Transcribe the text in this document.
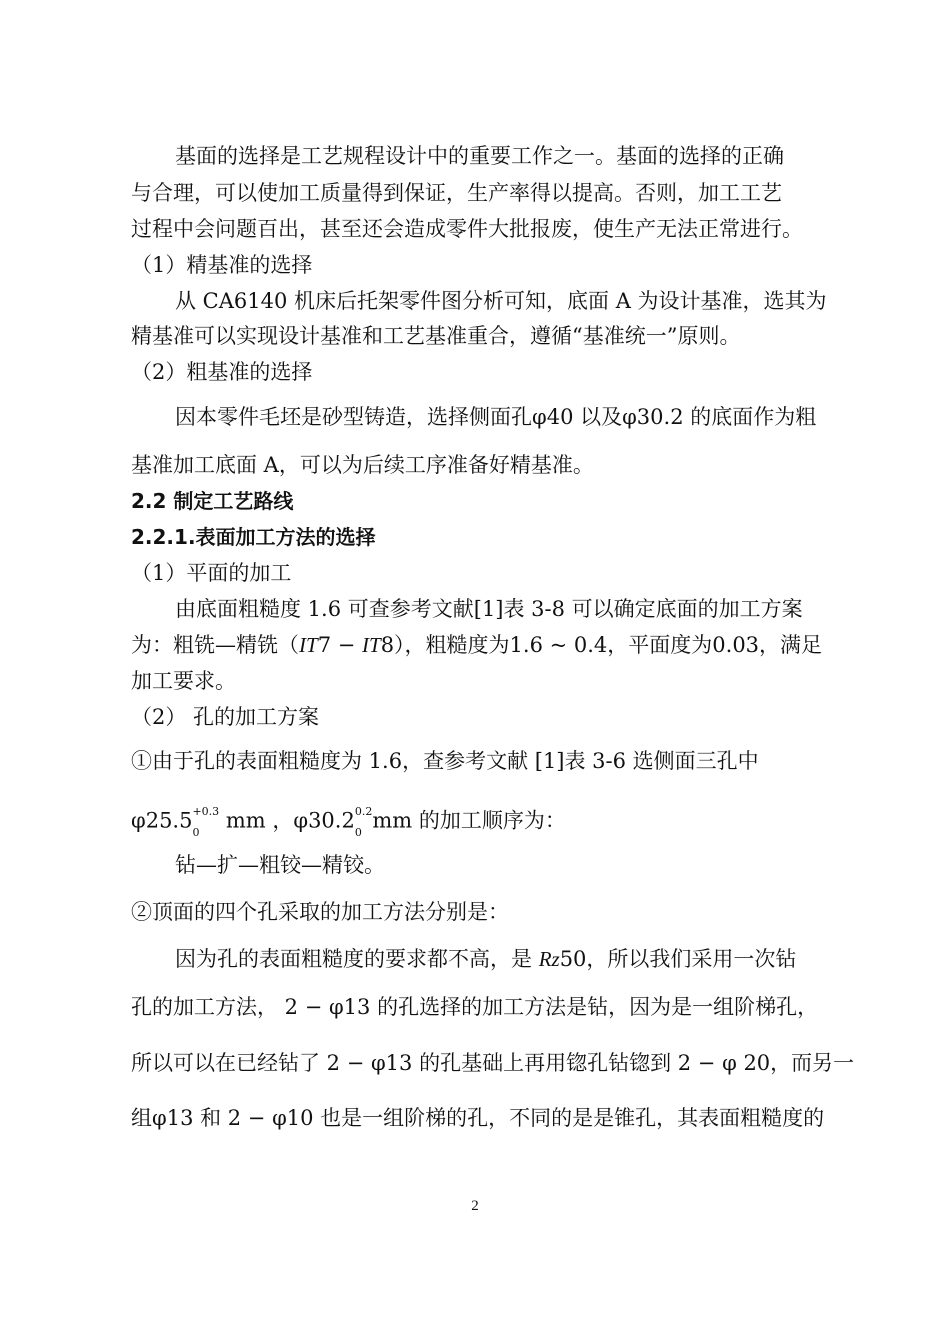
基面的选择是工艺规程设计中的重要工作之一。基面的选择的正确
与合理，可以使加工质量得到保证，生产率得以提高。否则，加工工艺
过程中会问题百出，甚至还会造成零件大批报废，使生产无法正常进行。
（1）精基准的选择
从 CA6140 机床后托架零件图分析可知，底面 A 为设计基准，选其为
精基准可以实现设计基准和工艺基准重合，遵循“基准统一”原则。
（2）粗基准的选择
因本零件毛坯是砂型铸造，选择侧面孔φ40 以及φ30.2 的底面作为粗
基准加工底面 A，可以为后续工序准备好精基准。
2.2 制定工艺路线
2.2.1.表面加工方法的选择
（1）平面的加工
由底面粗糙度 1.6 可查参考文献[1]表 3-8 可以确定底面的加工方案
为：粗铣—精铣（IT7 − IT8），粗糙度为1.6 ~ 0.4，平面度为0.03，满足
加工要求。
（2） 孔的加工方案
①由于孔的表面粗糙度为 1.6，查参考文献 [1]表 3-6 选侧面三孔中
φ25.5 +0.3
0 mm ，φ30.2 0.2
0 mm 的加工顺序为：
钻—扩—粗铰—精铰。
②顶面的四个孔采取的加工方法分别是：
因为孔的表面粗糙度的要求都不高，是 Rz50，所以我们采用一次钻
孔的加工方法， 2 − φ13 的孔选择的加工方法是钻，因为是一组阶梯孔，
所以可以在已经钻了 2 − φ13 的孔基础上再用锪孔钻锪到 2 − φ 20，而另一
组φ13 和 2 − φ10 也是一组阶梯的孔，不同的是是锥孔，其表面粗糙度的
2
